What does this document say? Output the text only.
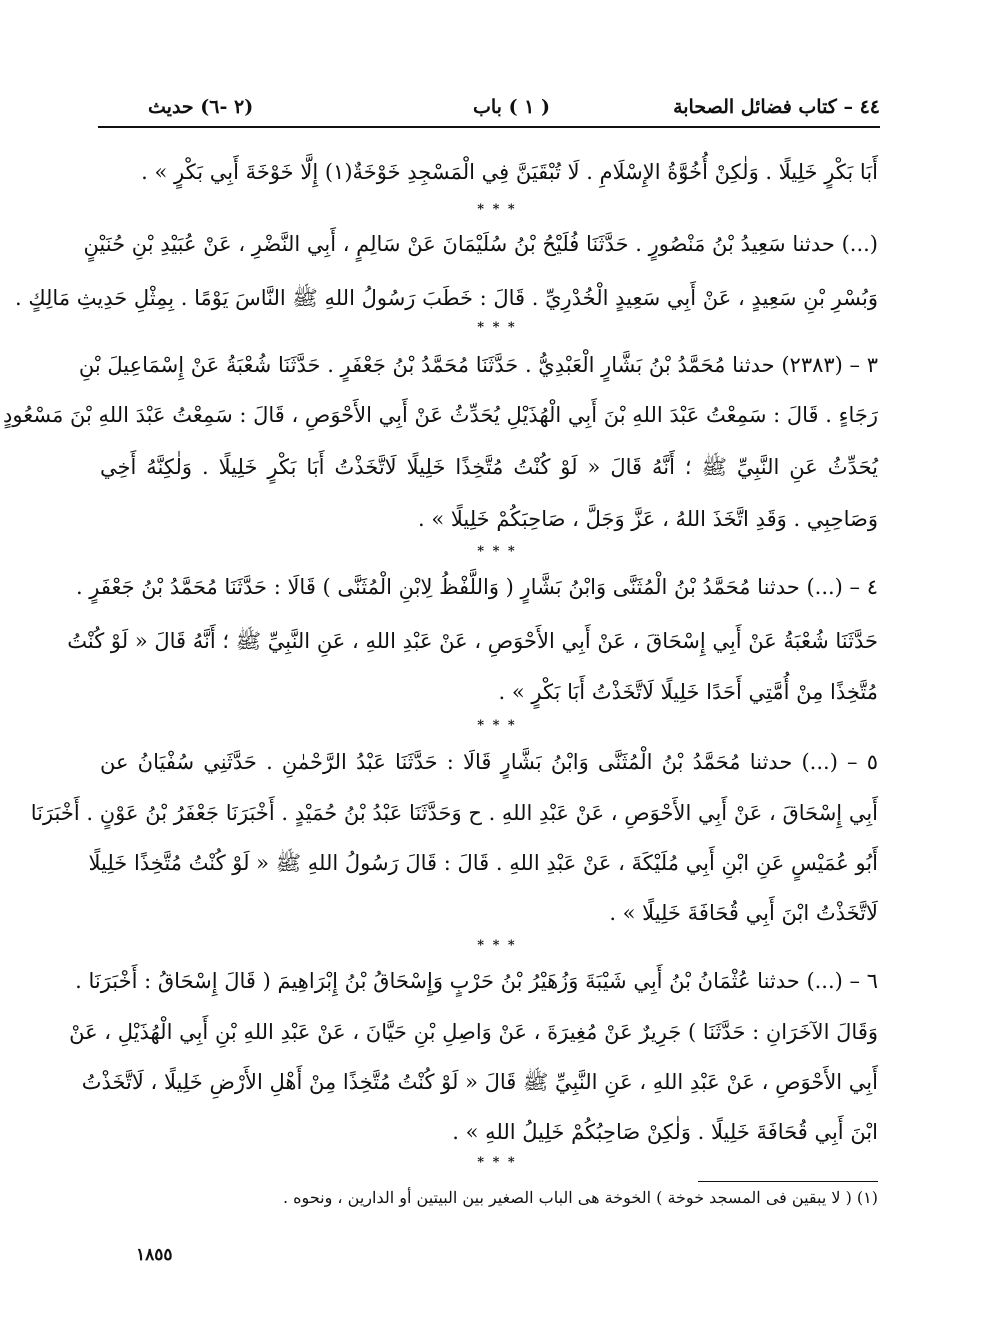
٤٤ – كتاب فضائل الصحابة
( ١ ) باب
(٢ -٦) حديث
أَبَا بَكْرٍ خَلِيلًا . وَلٰكِنْ أُخُوَّةُ الإِسْلَامِ . لَا تُبْقَيَنَّ فِي الْمَسْجِدِ خَوْخَةٌ(١) إِلَّا خَوْخَةَ أَبِي بَكْرٍ » .
* * *
(...) حدثنا سَعِيدُ بْنُ مَنْصُورٍ . حَدَّثَنَا فُلَيْحُ بْنُ سُلَيْمَانَ عَنْ سَالِمٍ ، أَبِي النَّضْرِ ، عَنْ عُبَيْدِ بْنِ حُنَيْنٍ
وَبُسْرِ بْنِ سَعِيدٍ ، عَنْ أَبِي سَعِيدٍ الْخُدْرِيِّ . قَالَ : خَطَبَ رَسُولُ اللهِ ﷺ النَّاسَ يَوْمًا . بِمِثْلِ حَدِيثِ مَالِكٍ .
* * *
٣ – (٢٣٨٣) حدثنا مُحَمَّدُ بْنُ بَشَّارٍ الْعَبْدِيُّ . حَدَّثَنَا مُحَمَّدُ بْنُ جَعْفَرٍ . حَدَّثَنَا شُعْبَةُ عَنْ إِسْمَاعِيلَ بْنِ
رَجَاءٍ . قَالَ : سَمِعْتُ عَبْدَ اللهِ بْنَ أَبِي الْهُذَيْلِ يُحَدِّثُ عَنْ أَبِي الأَحْوَصِ ، قَالَ : سَمِعْتُ عَبْدَ اللهِ بْنَ مَسْعُودٍ
يُحَدِّثُ عَنِ النَّبِيِّ ﷺ ؛ أَنَّهُ قَالَ « لَوْ كُنْتُ مُتَّخِذًا خَلِيلًا لَاتَّخَذْتُ أَبَا بَكْرٍ خَلِيلًا . وَلٰكِنَّهُ أَخِي
وَصَاحِبِي . وَقَدِ اتَّخَذَ اللهُ ، عَزَّ وَجَلَّ ، صَاحِبَكُمْ خَلِيلًا » .
* * *
٤ – (...) حدثنا مُحَمَّدُ بْنُ الْمُثَنَّى وَابْنُ بَشَّارٍ ( وَاللَّفْظُ لِابْنِ الْمُثَنَّى ) قَالَا : حَدَّثَنَا مُحَمَّدُ بْنُ جَعْفَرٍ .
حَدَّثَنَا شُعْبَةُ عَنْ أَبِي إِسْحَاقَ ، عَنْ أَبِي الأَحْوَصِ ، عَنْ عَبْدِ اللهِ ، عَنِ النَّبِيِّ ﷺ ؛ أَنَّهُ قَالَ « لَوْ كُنْتُ
مُتَّخِذًا مِنْ أُمَّتِي أَحَدًا خَلِيلًا لَاتَّخَذْتُ أَبَا بَكْرٍ » .
* * *
٥ – (...) حدثنا مُحَمَّدُ بْنُ الْمُثَنَّى وَابْنُ بَشَّارٍ قَالَا : حَدَّثَنَا عَبْدُ الرَّحْمٰنِ . حَدَّثَنِي سُفْيَانُ عن
أَبِي إِسْحَاقَ ، عَنْ أَبِي الأَحْوَصِ ، عَنْ عَبْدِ اللهِ . ح وَحَدَّثَنَا عَبْدُ بْنُ حُمَيْدٍ . أَخْبَرَنَا جَعْفَرُ بْنُ عَوْنٍ . أَخْبَرَنَا
أَبُو عُمَيْسٍ عَنِ ابْنِ أَبِي مُلَيْكَةَ ، عَنْ عَبْدِ اللهِ . قَالَ : قَالَ رَسُولُ اللهِ ﷺ « لَوْ كُنْتُ مُتَّخِذًا خَلِيلًا
لَاتَّخَذْتُ ابْنَ أَبِي قُحَافَةَ خَلِيلًا » .
* * *
٦ – (...) حدثنا عُثْمَانُ بْنُ أَبِي شَيْبَةَ وَزُهَيْرُ بْنُ حَرْبٍ وَإِسْحَاقُ بْنُ إِبْرَاهِيمَ ( قَالَ إِسْحَاقُ : أَخْبَرَنَا .
وَقَالَ الآخَرَانِ : حَدَّثَنَا ) جَرِيرٌ عَنْ مُغِيرَةَ ، عَنْ وَاصِلِ بْنِ حَيَّانَ ، عَنْ عَبْدِ اللهِ بْنِ أَبِي الْهُذَيْلِ ، عَنْ
أَبِي الأَحْوَصِ ، عَنْ عَبْدِ اللهِ ، عَنِ النَّبِيِّ ﷺ قَالَ « لَوْ كُنْتُ مُتَّخِذًا مِنْ أَهْلِ الأَرْضِ خَلِيلًا ، لَاتَّخَذْتُ
ابْنَ أَبِي قُحَافَةَ خَلِيلًا . وَلٰكِنْ صَاحِبُكُمْ خَلِيلُ اللهِ » .
* * *
(١) ( لا يبقين فى المسجد خوخة ) الخوخة هى الباب الصغير بين البيتين أو الدارين ، ونحوه .
١٨٥٥
